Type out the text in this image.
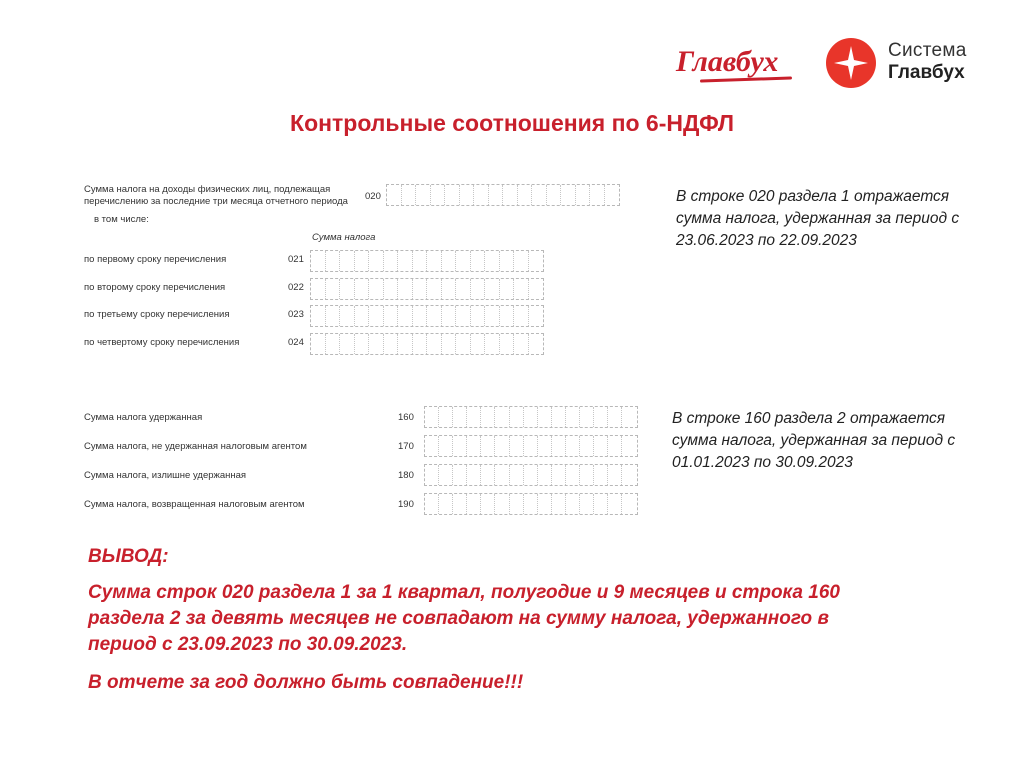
Главбух	Система
Главбух
Контрольные соотношения по 6-НДФЛ
Сумма налога на доходы физических лиц, подлежащая
перечислению за последние три месяца отчетного периода 020
в том числе:
Сумма налога
по первому сроку перечисления	021
по второму сроку перечисления	022
по третьему сроку перечисления	023
по четвертому сроку перечисления	024
В строке 020 раздела 1 отражается
сумма налога, удержанная за период с
23.06.2023 по 22.09.2023
Сумма налога удержанная	160
Сумма налога, не удержанная налоговым агентом	170
Сумма налога, излишне удержанная	180
Сумма налога, возвращенная налоговым агентом	190
В строке 160 раздела 2 отражается
сумма налога, удержанная за период с
01.01.2023 по 30.09.2023
ВЫВОД:
Сумма строк 020 раздела 1 за 1 квартал, полугодие и 9 месяцев и строка 160
раздела 2 за девять месяцев не совпадают на сумму налога, удержанного в
период с 23.09.2023 по 30.09.2023.
В отчете за год должно быть совпадение!!!
